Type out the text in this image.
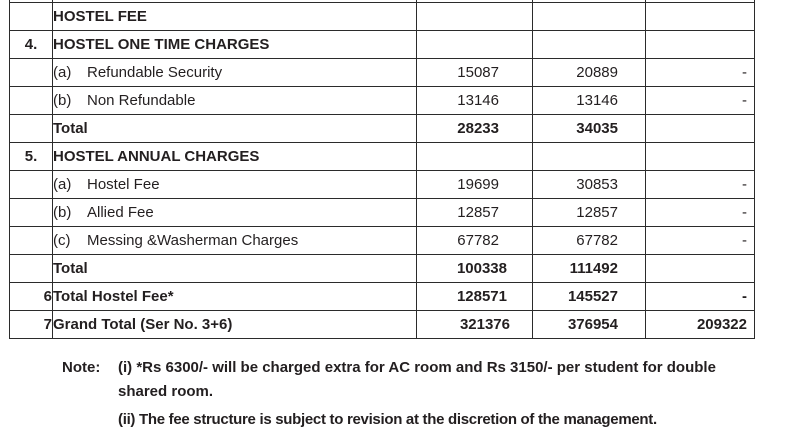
	HOSTEL FEE			
4.	HOSTEL ONE TIME CHARGES			
	(a) Refundable Security	15087	20889	-
	(b) Non Refundable	13146	13146	-
	Total	28233	34035	
5.	HOSTEL ANNUAL CHARGES			
	(a) Hostel Fee	19699	30853	-
	(b) Allied Fee	12857	12857	-
	(c) Messing &Washerman Charges	67782	67782	-
	Total	100338	111492	
6	Total Hostel Fee*	128571	145527	-
7	Grand Total (Ser No. 3+6)	321376	376954	209322
Note:	(i) *Rs 6300/- will be charged extra for AC room and Rs 3150/- per student for double shared room.
(ii) The fee structure is subject to revision at the discretion of the management.
